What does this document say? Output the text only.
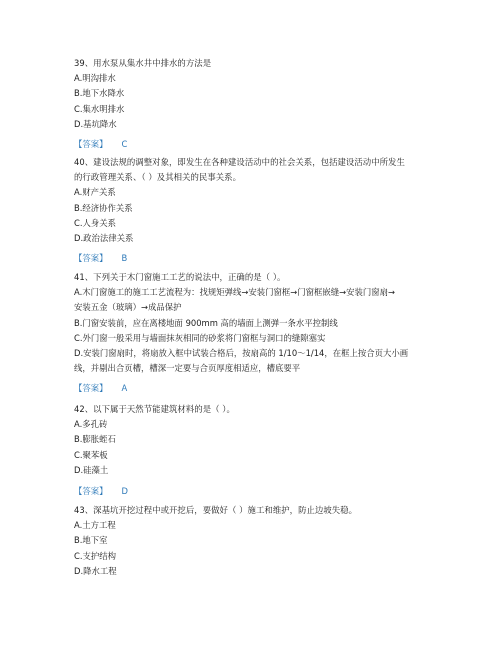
39、用水泵从集水井中排水的方法是
A.明沟排水
B.地下水降水
C.集水明排水
D.基坑降水
【答案】 C
40、建设法规的调整对象，即发生在各种建设活动中的社会关系，包括建设活动中所发生
的行政管理关系、（ ）及其相关的民事关系。
A.财产关系
B.经济协作关系
C.人身关系
D.政治法律关系
【答案】 B
41、下列关于木门窗施工工艺的说法中，正确的是（ ）。
A.木门窗施工的施工工艺流程为：找规矩弹线→安装门窗框→门窗框嵌缝→安装门窗扇→
安装五金（玻璃）→成品保护
B.门窗安装前，应在离楼地面 900mm 高的墙面上测弹一条水平控制线
C.外门窗一般采用与墙面抹灰相同的砂浆将门窗框与洞口的缝隙塞实
D.安装门窗扇时，将扇放入框中试装合格后，按扇高的 1/10～1/14，在框上按合页大小画
线，并剔出合页槽，槽深一定要与合页厚度相适应，槽底要平
【答案】 A
42、以下属于天然节能建筑材料的是（ ）。
A.多孔砖
B.膨胀蛭石
C.聚苯板
D.硅藻土
【答案】 D
43、深基坑开挖过程中或开挖后，要做好（ ）施工和维护，防止边坡失稳。
A.土方工程
B.地下室
C.支护结构
D.降水工程
